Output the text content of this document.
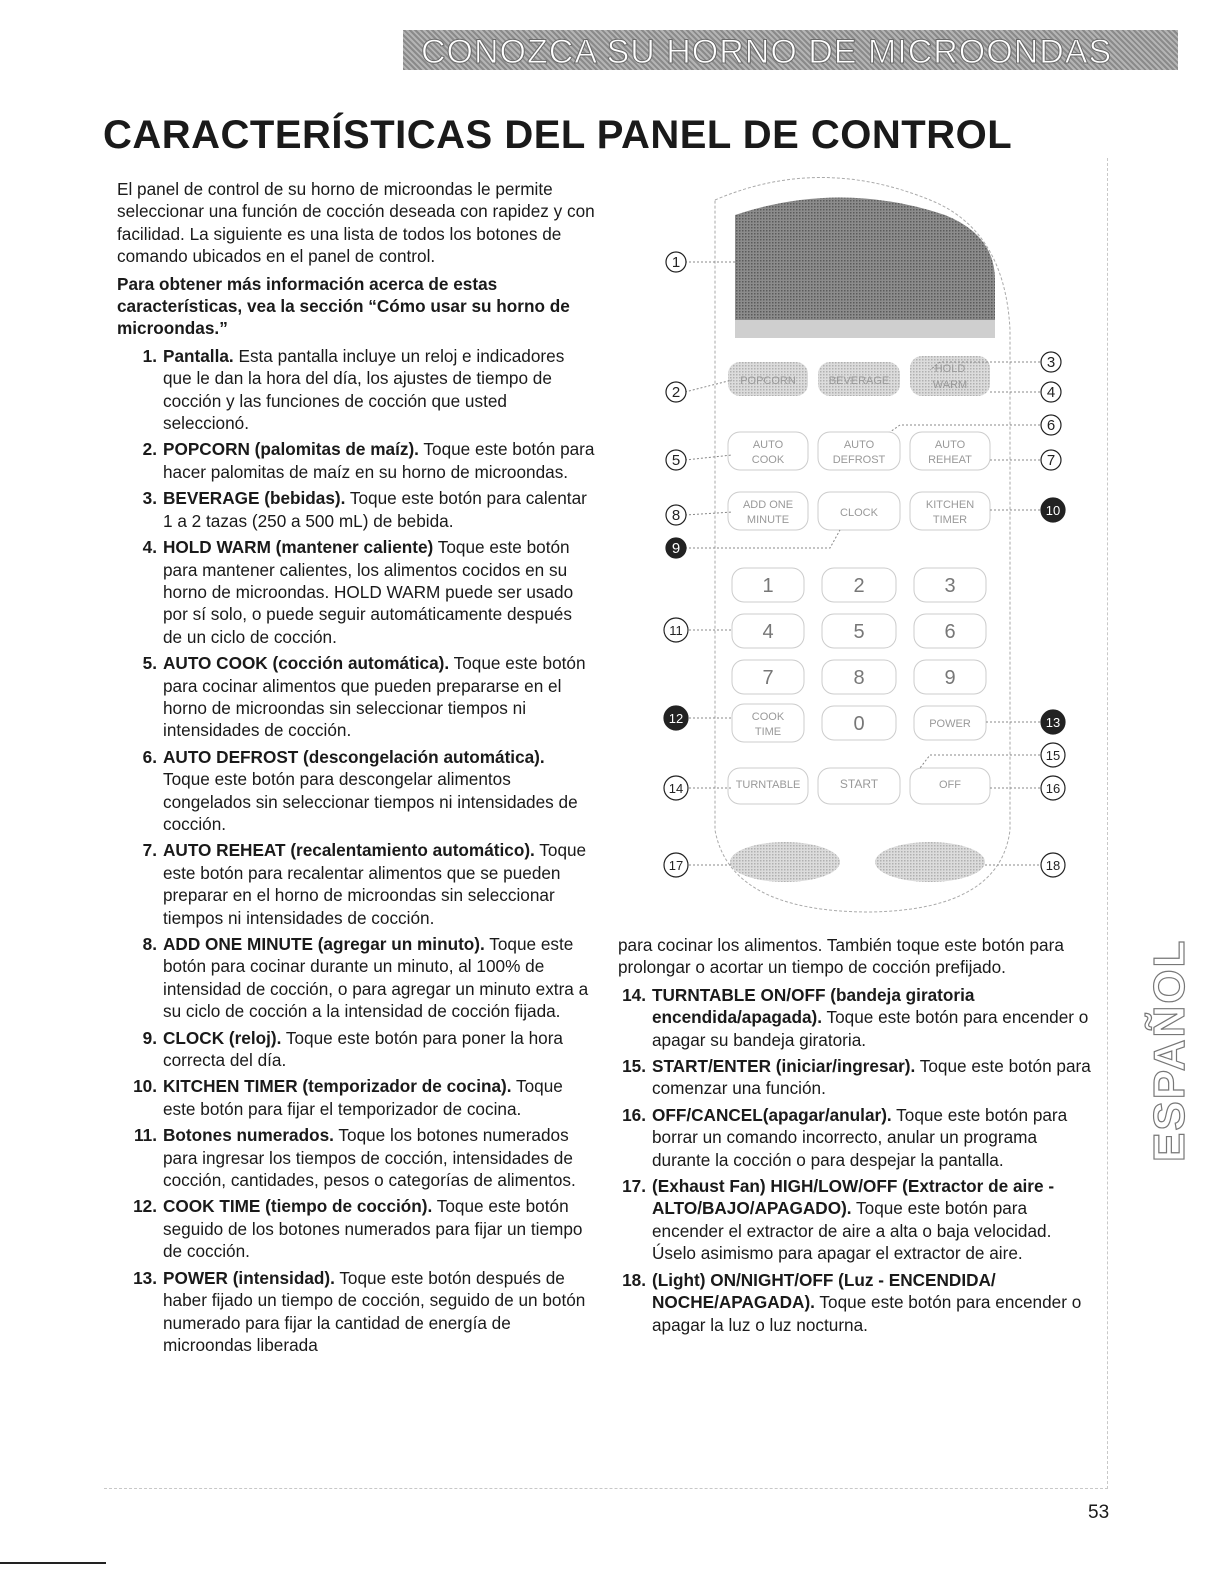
CONOZCA SU HORNO DE MICROONDAS
CARACTERÍSTICAS DEL PANEL DE CONTROL

El panel de control de su horno de microondas le permite seleccionar una función de cocción deseada con rapidez y con facilidad. La siguiente es una lista de todos los botones de comando ubicados en el panel de control.

Para obtener más información acerca de estas características, vea la sección “Cómo usar su horno de microondas.”

1. Pantalla. Esta pantalla incluye un reloj e indicadores que le dan la hora del día, los ajustes de tiempo de cocción y las funciones de cocción que usted seleccionó.
2. POPCORN (palomitas de maíz). Toque este botón para hacer palomitas de maíz en su horno de microondas.
3. BEVERAGE (bebidas). Toque este botón para calentar 1 a 2 tazas (250 a 500 mL) de bebida.
4. HOLD WARM (mantener caliente) Toque este botón para mantener calientes, los alimentos cocidos en su horno de microondas. HOLD WARM puede ser usado por sí solo, o puede seguir automáticamente después de un ciclo de cocción.
5. AUTO COOK (cocción automática). Toque este botón para cocinar alimentos que pueden prepararse en el horno de microondas sin seleccionar tiempos ni intensidades de cocción.
6. AUTO DEFROST (descongelación automática). Toque este botón para descongelar alimentos congelados sin seleccionar tiempos ni intensidades de cocción.
7. AUTO REHEAT (recalentamiento automático). Toque este botón para recalentar alimentos que se pueden preparar en el horno de microondas sin seleccionar tiempos ni intensidades de cocción.
8. ADD ONE MINUTE (agregar un minuto). Toque este botón para cocinar durante un minuto, al 100% de intensidad de cocción, o para agregar un minuto extra a su ciclo de cocción a la intensidad de cocción fijada.
9. CLOCK (reloj). Toque este botón para poner la hora correcta del día.
10. KITCHEN TIMER (temporizador de cocina). Toque este botón para fijar el temporizador de cocina.
11. Botones numerados. Toque los botones numerados para ingresar los tiempos de cocción, intensidades de cocción, cantidades, pesos o categorías de alimentos.
12. COOK TIME (tiempo de cocción). Toque este botón seguido de los botones numerados para fijar un tiempo de cocción.
13. POWER (intensidad). Toque este botón después de haber fijado un tiempo de cocción, seguido de un botón numerado para fijar la cantidad de energía de microondas liberada
POPCORN	BEVERAGE
HOLD
WARM
AUTO
COOK
AUTO
DEFROST
AUTO
REHEAT
ADD ONE
MINUTE
CLOCK
KITCHEN
TIMER
1	2	3
4	5	6
7	8	9
COOK
TIME	0	POWER
TURNTABLE	START	OFF
1
2
3
4
6
5	7
8
9
10
11
12	13
15
14	16
17	18

para cocinar los alimentos. También toque este botón para prolongar o acortar un tiempo de cocción prefijado.

14. TURNTABLE ON/OFF (bandeja giratoria encendida/apagada). Toque este botón para encender o apagar su bandeja giratoria.
15. START/ENTER (iniciar/ingresar). Toque este botón para comenzar una función.
16. OFF/CANCEL(apagar/anular). Toque este botón para borrar un comando incorrecto, anular un programa durante la cocción o para despejar la pantalla.
17. (Exhaust Fan) HIGH/LOW/OFF (Extractor de aire - ALTO/BAJO/APAGADO). Toque este botón para encender el extractor de aire a alta o baja velocidad. Úselo asimismo para apagar el extractor de aire.
18. (Light) ON/NIGHT/OFF (Luz - ENCENDIDA/ NOCHE/APAGADA). Toque este botón para encender o apagar la luz o luz nocturna.
ESPAÑOL
53
